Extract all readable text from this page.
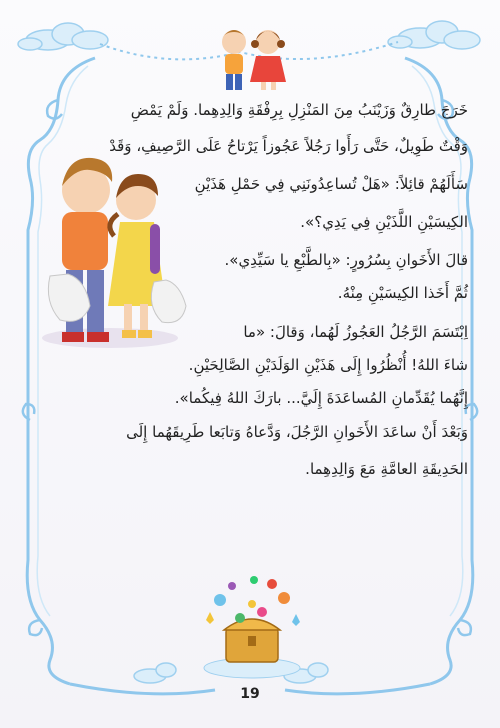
خَرَجَ طارِقٌ وَزَيْنَبُ مِنَ المَنْزِلِ بِرِفْقَةِ وَالِدِهِما. وَلَمْ يَمْضِ
وَقْتٌ طَوِيلٌ، حَتَّى رَأَوا رَجُلاً عَجُوزاً يَرْتاحُ عَلَى الرَّصِيفِ، وَقَدْ
سَأَلَهُمْ قائِلاً: «هَلْ تُساعِدُونَنِي فِي حَمْلِ هَذَيْنِ
الكِيسَيْنِ اللَّذَيْنِ فِي يَدِي؟».
قالَ الأَخَوانِ بِسُرُورٍ: «بِالطَّبْعِ يا سَيِّدِي».
ثُمَّ أَخَذا الكِيسَيْنِ مِنْهُ.
اِبْتَسَمَ الرَّجُلُ العَجُوزُ لَهُما، وَقالَ: «ما
شاءَ اللهُ! أُنْظُرُوا إِلَى هَذَيْنِ الوَلَدَيْنِ الصَّالِحَيْنِ.
إِنَّهُما يُقَدِّمانِ المُساعَدَةَ إِلَيَّ... بارَكَ اللهُ فِيكُما».
وَبَعْدَ أَنْ ساعَدَ الأَخَوانِ الرَّجُلَ، وَدَّعاهُ وَتابَعا طَرِيقَهُما إِلَى
الحَدِيقَةِ العامَّةِ مَعَ وَالِدِهِما.
19
